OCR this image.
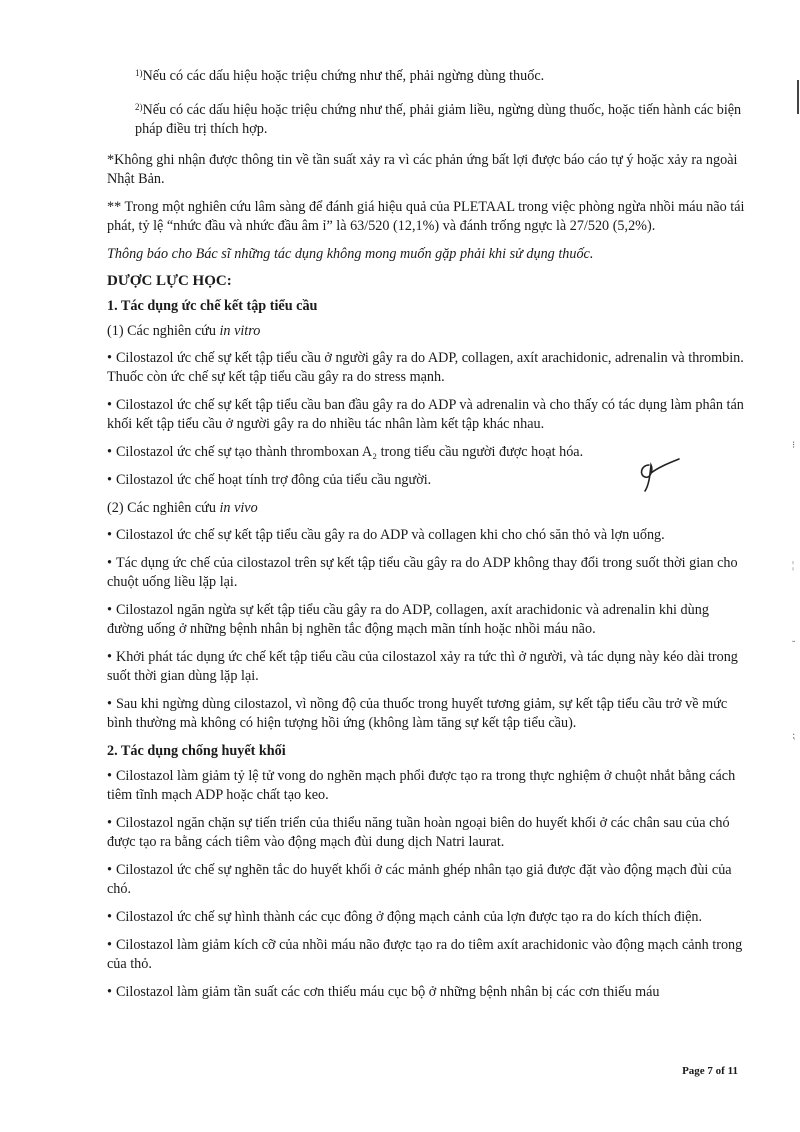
$^{1)}$Nếu có các dấu hiệu hoặc triệu chứng như thế, phải ngừng dùng thuốc.

$^{2)}$Nếu có các dấu hiệu hoặc triệu chứng như thế, phải giảm liều, ngừng dùng thuốc, hoặc tiến hành các biện pháp điều trị thích hợp.

*Không ghi nhận được thông tin về tần suất xảy ra vì các phản ứng bất lợi được báo cáo tự ý hoặc xảy ra ngoài Nhật Bản.

** Trong một nghiên cứu lâm sàng để đánh giá hiệu quả của PLETAAL trong việc phòng ngừa nhồi máu não tái phát, tỷ lệ “nhức đầu và nhức đầu âm ỉ” là 63/520 (12,1%) và đánh trống ngực là 27/520 (5,2%).

Thông báo cho Bác sĩ những tác dụng không mong muốn gặp phải khi sử dụng thuốc.

DƯỢC LỰC HỌC:

1. Tác dụng ức chế kết tập tiểu cầu

(1) Các nghiên cứu in vitro

• Cilostazol ức chế sự kết tập tiểu cầu ở người gây ra do ADP, collagen, axít arachidonic, adrenalin và thrombin. Thuốc còn ức chế sự kết tập tiểu cầu gây ra do stress mạnh.

• Cilostazol ức chế sự kết tập tiểu cầu ban đầu gây ra do ADP và adrenalin và cho thấy có tác dụng làm phân tán khối kết tập tiểu cầu ở người gây ra do nhiều tác nhân làm kết tập khác nhau.

• Cilostazol ức chế sự tạo thành thromboxan A₂ trong tiểu cầu người được hoạt hóa.

• Cilostazol ức chế hoạt tính trợ đông của tiểu cầu người.

(2) Các nghiên cứu in vivo

• Cilostazol ức chế sự kết tập tiểu cầu gây ra do ADP và collagen khi cho chó săn thỏ và lợn uống.

• Tác dụng ức chế của cilostazol trên sự kết tập tiểu cầu gây ra do ADP không thay đổi trong suốt thời gian cho chuột uống liều lặp lại.

• Cilostazol ngăn ngừa sự kết tập tiểu cầu gây ra do ADP, collagen, axít arachidonic và adrenalin khi dùng đường uống ở những bệnh nhân bị nghẽn tắc động mạch mãn tính hoặc nhồi máu não.

• Khởi phát tác dụng ức chế kết tập tiểu cầu của cilostazol xảy ra tức thì ở người, và tác dụng này kéo dài trong suốt thời gian dùng lặp lại.

• Sau khi ngừng dùng cilostazol, vì nồng độ của thuốc trong huyết tương giảm, sự kết tập tiểu cầu trở về mức bình thường mà không có hiện tượng hồi ứng (không làm tăng sự kết tập tiểu cầu).

2. Tác dụng chống huyết khối

• Cilostazol làm giảm tỷ lệ tử vong do nghẽn mạch phổi được tạo ra trong thực nghiệm ở chuột nhắt bằng cách tiêm tĩnh mạch ADP hoặc chất tạo keo.

• Cilostazol ngăn chặn sự tiến triển của thiểu năng tuần hoàn ngoại biên do huyết khối ở các chân sau của chó được tạo ra bằng cách tiêm vào động mạch đùi dung dịch Natri laurat.

• Cilostazol ức chế sự nghẽn tắc do huyết khối ở các mảnh ghép nhân tạo giả được đặt vào động mạch đùi của chó.

• Cilostazol ức chế sự hình thành các cục đông ở động mạch cảnh của lợn được tạo ra do kích thích điện.

• Cilostazol làm giảm kích cỡ của nhồi máu não được tạo ra do tiêm axít arachidonic vào động mạch cảnh trong của thỏ.

• Cilostazol làm giảm tần suất các cơn thiếu máu cục bộ ở những bệnh nhân bị các cơn thiếu máu

⁝
¦
˘
⁏
Page 7 of 11
